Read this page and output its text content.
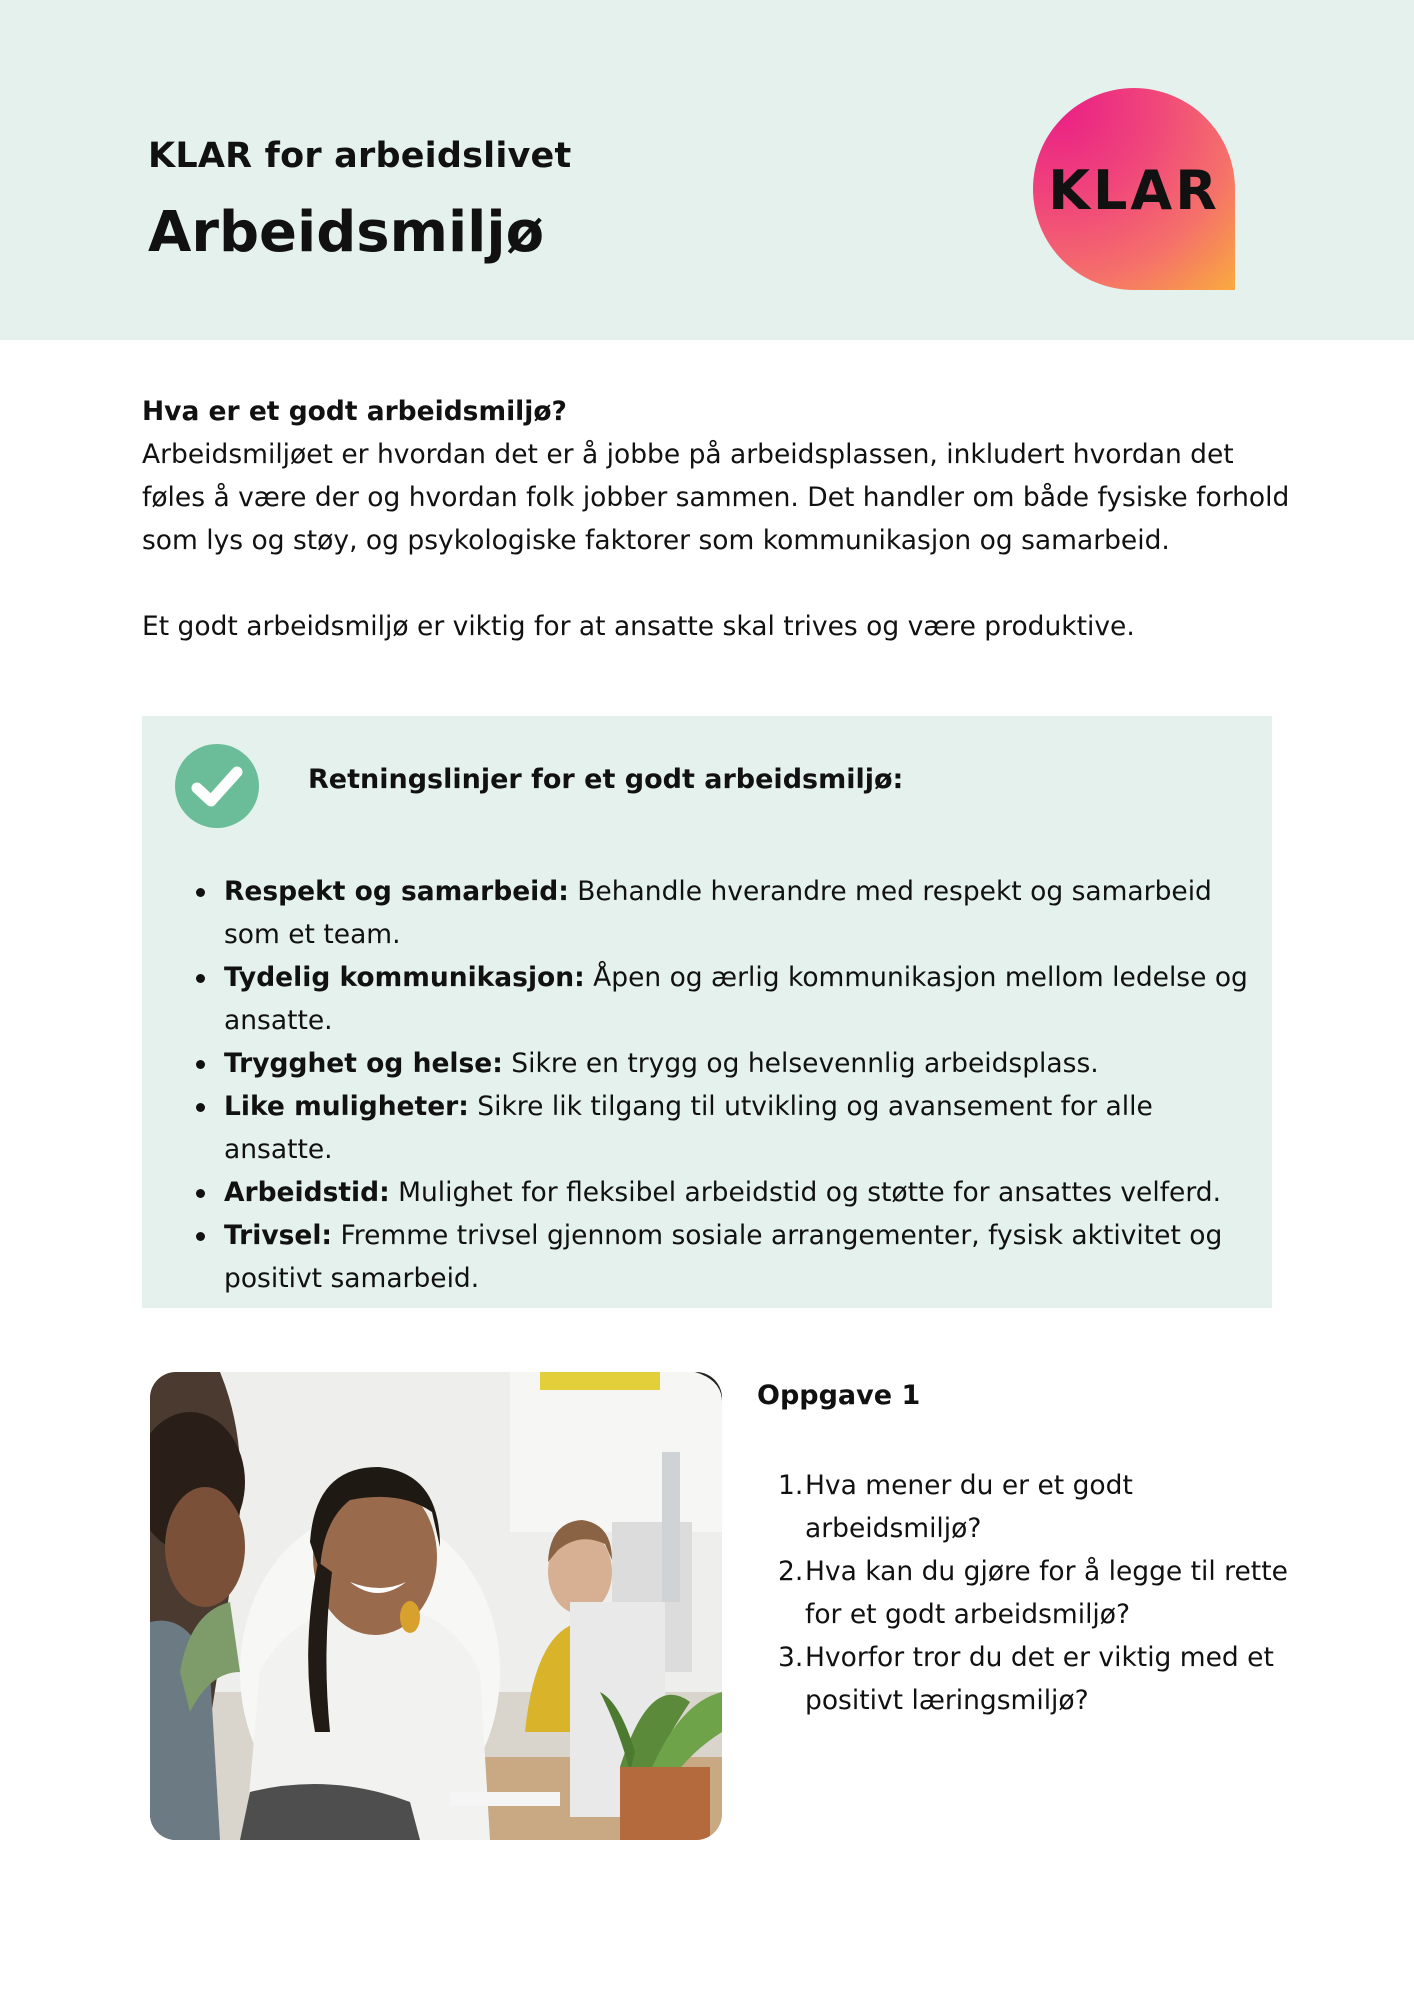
KLAR for arbeidslivet
Arbeidsmiljø
KLAR
Hva er et godt arbeidsmiljø?

Arbeidsmiljøet er hvordan det er å jobbe på arbeidsplassen, inkludert hvordan det føles å være der og hvordan folk jobber sammen. Det handler om både fysiske forhold som lys og støy, og psykologiske faktorer som kommunikasjon og samarbeid.

Et godt arbeidsmiljø er viktig for at ansatte skal trives og være produktive.

Retningslinjer for et godt arbeidsmiljø:
Respekt og samarbeid: Behandle hverandre med respekt og samarbeid som et team.
Tydelig kommunikasjon: Åpen og ærlig kommunikasjon mellom ledelse og ansatte.
Trygghet og helse: Sikre en trygg og helsevennlig arbeidsplass.
Like muligheter: Sikre lik tilgang til utvikling og avansement for alle ansatte.
Arbeidstid: Mulighet for fleksibel arbeidstid og støtte for ansattes velferd.
Trivsel: Fremme trivsel gjennom sosiale arrangementer, fysisk aktivitet og positivt samarbeid.
Oppgave 1
1. Hva mener du er et godt arbeidsmiljø?
2. Hva kan du gjøre for å legge til rette for et godt arbeidsmiljø?
3. Hvorfor tror du det er viktig med et positivt læringsmiljø?
